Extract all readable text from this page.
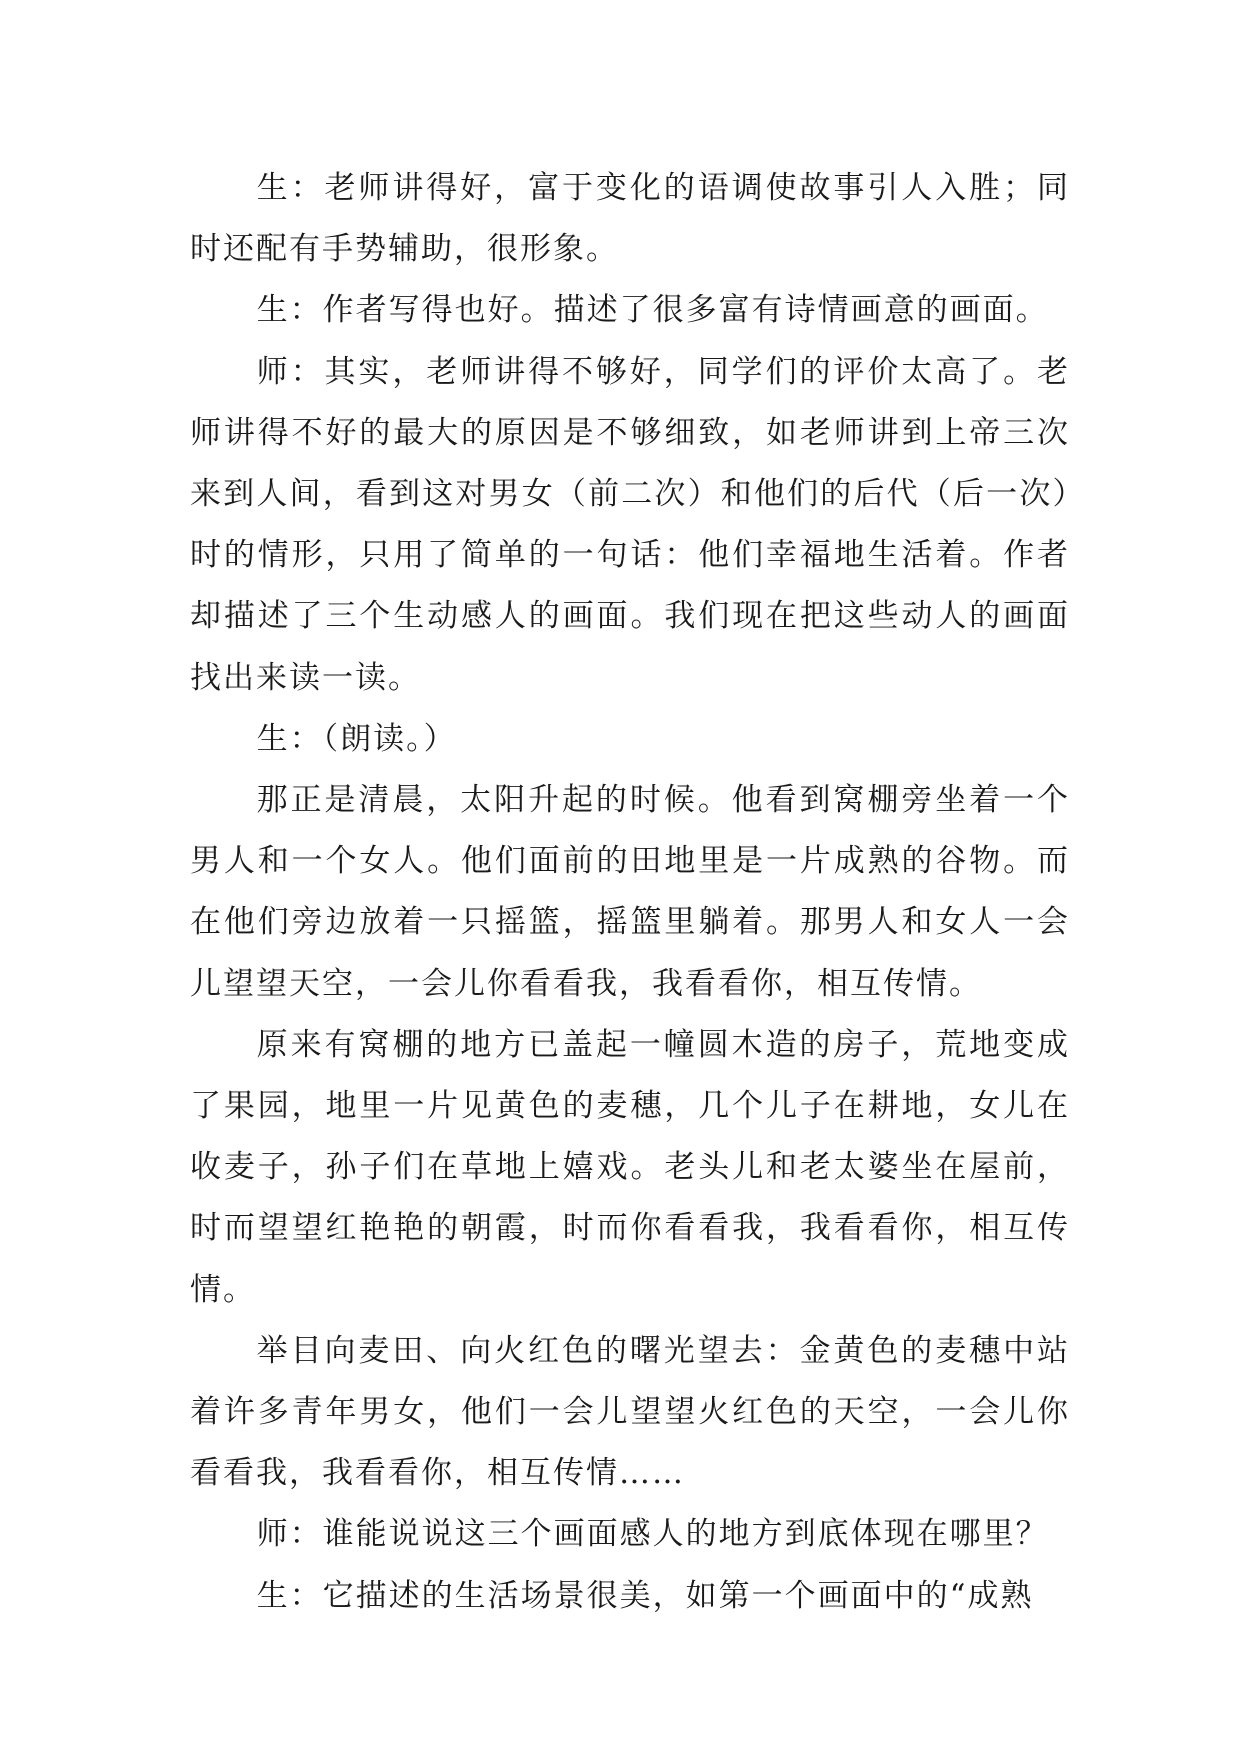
生：老师讲得好，富于变化的语调使故事引人入胜；同时还配有手势辅助，很形象。

生：作者写得也好。描述了很多富有诗情画意的画面。

师：其实，老师讲得不够好，同学们的评价太高了。老师讲得不好的最大的原因是不够细致，如老师讲到上帝三次来到人间，看到这对男女（前二次）和他们的后代（后一次）时的情形，只用了简单的一句话：他们幸福地生活着。作者却描述了三个生动感人的画面。我们现在把这些动人的画面找出来读一读。

生：（朗读。）

那正是清晨，太阳升起的时候。他看到窝棚旁坐着一个男人和一个女人。他们面前的田地里是一片成熟的谷物。而在他们旁边放着一只摇篮，摇篮里躺着。那男人和女人一会儿望望天空，一会儿你看看我，我看看你，相互传情。

原来有窝棚的地方已盖起一幢圆木造的房子，荒地变成了果园，地里一片见黄色的麦穗，几个儿子在耕地，女儿在收麦子，孙子们在草地上嬉戏。老头儿和老太婆坐在屋前，时而望望红艳艳的朝霞，时而你看看我，我看看你，相互传情。

举目向麦田、向火红色的曙光望去：金黄色的麦穗中站着许多青年男女，他们一会儿望望火红色的天空，一会儿你看看我，我看看你，相互传情……

师：谁能说说这三个画面感人的地方到底体现在哪里？

生：它描述的生活场景很美，如第一个画面中的“成熟
